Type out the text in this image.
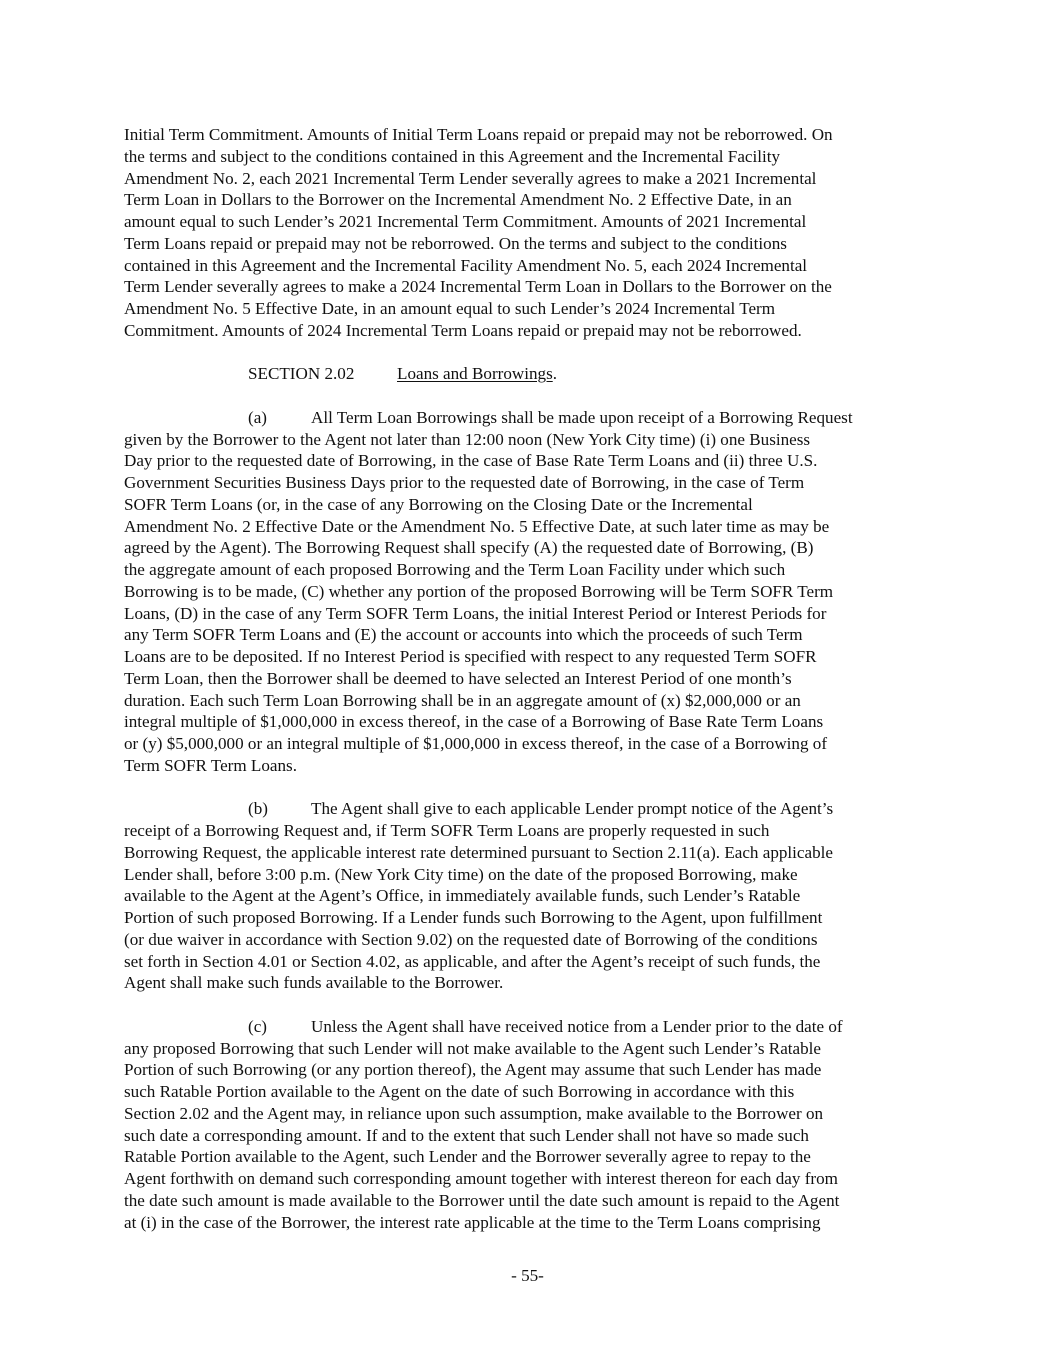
Initial Term Commitment. Amounts of Initial Term Loans repaid or prepaid may not be reborrowed. On
the terms and subject to the conditions contained in this Agreement and the Incremental Facility
Amendment No. 2, each 2021 Incremental Term Lender severally agrees to make a 2021 Incremental
Term Loan in Dollars to the Borrower on the Incremental Amendment No. 2 Effective Date, in an
amount equal to such Lender’s 2021 Incremental Term Commitment. Amounts of 2021 Incremental
Term Loans repaid or prepaid may not be reborrowed. On the terms and subject to the conditions
contained in this Agreement and the Incremental Facility Amendment No. 5, each 2024 Incremental
Term Lender severally agrees to make a 2024 Incremental Term Loan in Dollars to the Borrower on the
Amendment No. 5 Effective Date, in an amount equal to such Lender’s 2024 Incremental Term
Commitment. Amounts of 2024 Incremental Term Loans repaid or prepaid may not be reborrowed.
SECTION 2.02 Loans and Borrowings.
(a)	All Term Loan Borrowings shall be made upon receipt of a Borrowing Request
given by the Borrower to the Agent not later than 12:00 noon (New York City time) (i) one Business
Day prior to the requested date of Borrowing, in the case of Base Rate Term Loans and (ii) three U.S.
Government Securities Business Days prior to the requested date of Borrowing, in the case of Term
SOFR Term Loans (or, in the case of any Borrowing on the Closing Date or the Incremental
Amendment No. 2 Effective Date or the Amendment No. 5 Effective Date, at such later time as may be
agreed by the Agent). The Borrowing Request shall specify (A) the requested date of Borrowing, (B)
the aggregate amount of each proposed Borrowing and the Term Loan Facility under which such
Borrowing is to be made, (C) whether any portion of the proposed Borrowing will be Term SOFR Term
Loans, (D) in the case of any Term SOFR Term Loans, the initial Interest Period or Interest Periods for
any Term SOFR Term Loans and (E) the account or accounts into which the proceeds of such Term
Loans are to be deposited. If no Interest Period is specified with respect to any requested Term SOFR
Term Loan, then the Borrower shall be deemed to have selected an Interest Period of one month’s
duration. Each such Term Loan Borrowing shall be in an aggregate amount of (x) $2,000,000 or an
integral multiple of $1,000,000 in excess thereof, in the case of a Borrowing of Base Rate Term Loans
or (y) $5,000,000 or an integral multiple of $1,000,000 in excess thereof, in the case of a Borrowing of
Term SOFR Term Loans.
(b)	The Agent shall give to each applicable Lender prompt notice of the Agent’s
receipt of a Borrowing Request and, if Term SOFR Term Loans are properly requested in such
Borrowing Request, the applicable interest rate determined pursuant to Section 2.11(a). Each applicable
Lender shall, before 3:00 p.m. (New York City time) on the date of the proposed Borrowing, make
available to the Agent at the Agent’s Office, in immediately available funds, such Lender’s Ratable
Portion of such proposed Borrowing. If a Lender funds such Borrowing to the Agent, upon fulfillment
(or due waiver in accordance with Section 9.02) on the requested date of Borrowing of the conditions
set forth in Section 4.01 or Section 4.02, as applicable, and after the Agent’s receipt of such funds, the
Agent shall make such funds available to the Borrower.
(c)	Unless the Agent shall have received notice from a Lender prior to the date of
any proposed Borrowing that such Lender will not make available to the Agent such Lender’s Ratable
Portion of such Borrowing (or any portion thereof), the Agent may assume that such Lender has made
such Ratable Portion available to the Agent on the date of such Borrowing in accordance with this
Section 2.02 and the Agent may, in reliance upon such assumption, make available to the Borrower on
such date a corresponding amount. If and to the extent that such Lender shall not have so made such
Ratable Portion available to the Agent, such Lender and the Borrower severally agree to repay to the
Agent forthwith on demand such corresponding amount together with interest thereon for each day from
the date such amount is made available to the Borrower until the date such amount is repaid to the Agent
at (i) in the case of the Borrower, the interest rate applicable at the time to the Term Loans comprising
- 55-
